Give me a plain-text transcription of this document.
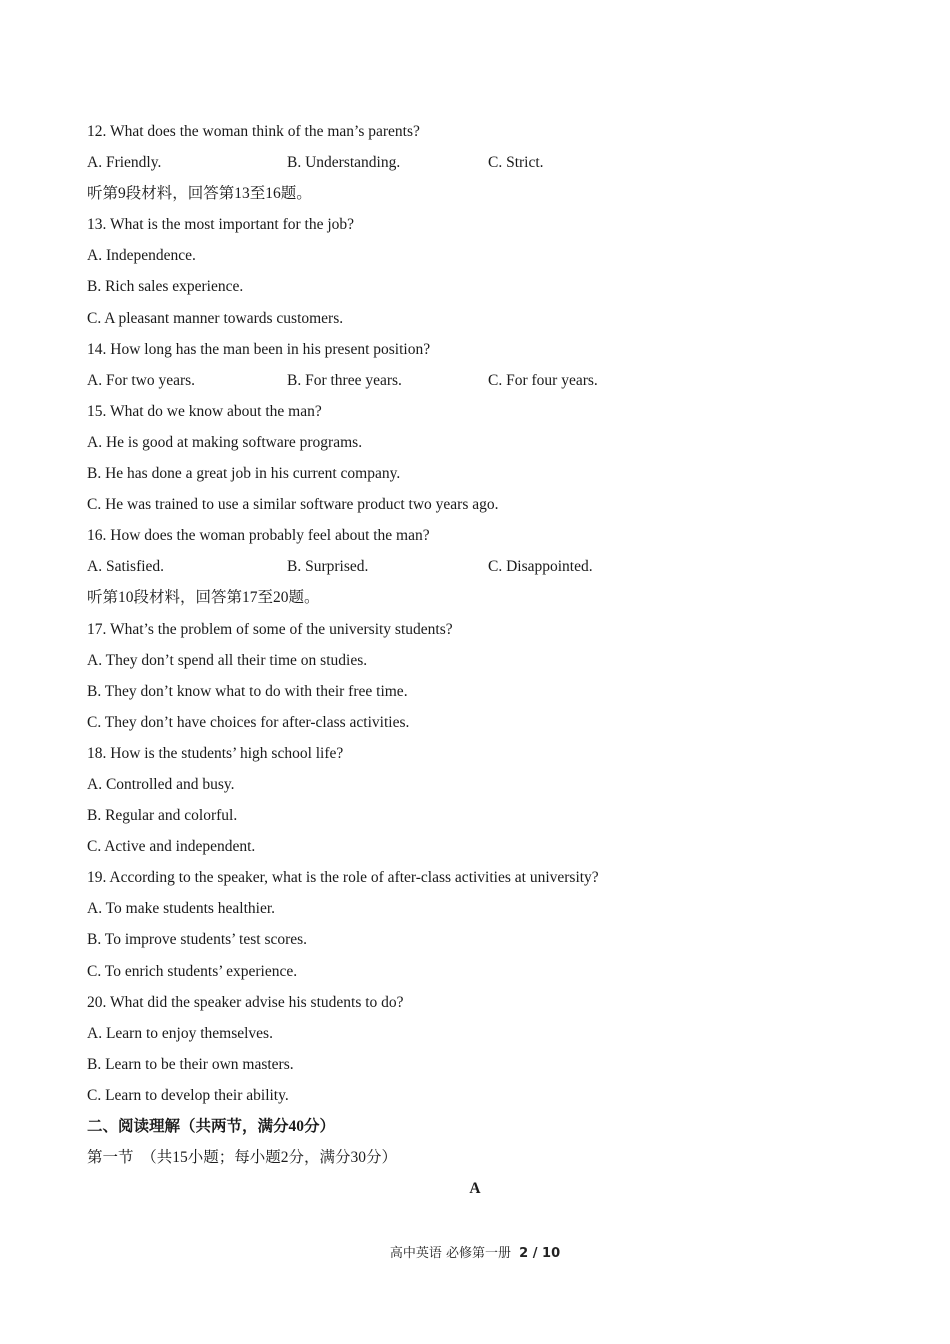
12. What does the woman think of the man’s parents?
A. Friendly.	B. Understanding.	C. Strict.
听第9段材料，回答第13至16题。
13. What is the most important for the job?
A. Independence.
B. Rich sales experience.
C. A pleasant manner towards customers.
14. How long has the man been in his present position?
A. For two years.	B. For three years.	C. For four years.
15. What do we know about the man?
A. He is good at making software programs.
B. He has done a great job in his current company.
C. He was trained to use a similar software product two years ago.
16. How does the woman probably feel about the man?
A. Satisfied.	B. Surprised.	C. Disappointed.
听第10段材料，回答第17至20题。
17. What’s the problem of some of the university students?
A. They don’t spend all their time on studies.
B. They don’t know what to do with their free time.
C. They don’t have choices for after-class activities.
18. How is the students’ high school life?
A. Controlled and busy.
B. Regular and colorful.
C. Active and independent.
19. According to the speaker, what is the role of after-class activities at university?
A. To make students healthier.
B. To improve students’ test scores.
C. To enrich students’ experience.
20. What did the speaker advise his students to do?
A. Learn to enjoy themselves.
B. Learn to be their own masters.
C. Learn to develop their ability.
二、阅读理解（共两节，满分40分）
第一节　（共15小题；每小题2分，满分30分）
A
高中英语 必修第一册 2 / 10
